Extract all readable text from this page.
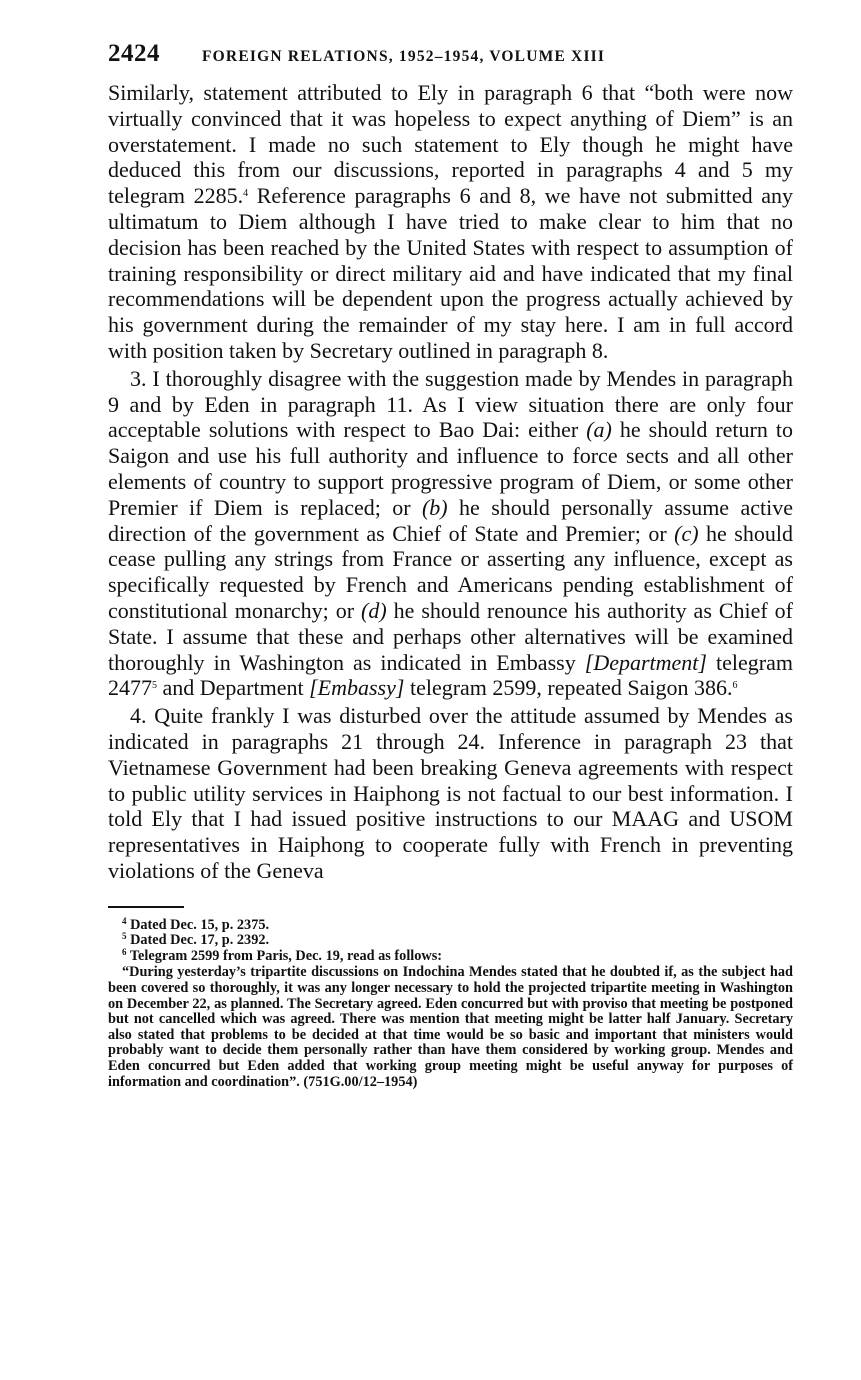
2424	FOREIGN RELATIONS, 1952–1954, VOLUME XIII

Similarly, statement attributed to Ely in paragraph 6 that “both were now virtually convinced that it was hopeless to expect anything of Diem” is an overstatement. I made no such statement to Ely though he might have deduced this from our discussions, reported in paragraphs 4 and 5 my telegram 2285.$^4$ Reference paragraphs 6 and 8, we have not submitted any ultimatum to Diem although I have tried to make clear to him that no decision has been reached by the United States with respect to assumption of training responsibility or direct military aid and have indicated that my final recommendations will be dependent upon the progress actually achieved by his government during the remainder of my stay here. I am in full accord with position taken by Secretary outlined in paragraph 8.

3. I thoroughly disagree with the suggestion made by Mendes in paragraph 9 and by Eden in paragraph 11. As I view situation there are only four acceptable solutions with respect to Bao Dai: either (a) he should return to Saigon and use his full authority and influence to force sects and all other elements of country to support progressive program of Diem, or some other Premier if Diem is replaced; or (b) he should personally assume active direction of the government as Chief of State and Premier; or (c) he should cease pulling any strings from France or asserting any influence, except as specifically requested by French and Americans pending establishment of constitutional monarchy; or (d) he should renounce his authority as Chief of State. I assume that these and perhaps other alternatives will be examined thoroughly in Washington as indicated in Embassy [Department] telegram 2477$^5$ and Department [Embassy] telegram 2599, repeated Saigon 386.$^6$

4. Quite frankly I was disturbed over the attitude assumed by Mendes as indicated in paragraphs 21 through 24. Inference in paragraph 23 that Vietnamese Government had been breaking Geneva agreements with respect to public utility services in Haiphong is not factual to our best information. I told Ely that I had issued positive instructions to our MAAG and USOM representatives in Haiphong to cooperate fully with French in preventing violations of the Geneva

$^4$ Dated Dec. 15, p. 2375.

$^5$ Dated Dec. 17, p. 2392.

$^6$ Telegram 2599 from Paris, Dec. 19, read as follows:

“During yesterday’s tripartite discussions on Indochina Mendes stated that he doubted if, as the subject had been covered so thoroughly, it was any longer necessary to hold the projected tripartite meeting in Washington on December 22, as planned. The Secretary agreed. Eden concurred but with proviso that meeting be postponed but not cancelled which was agreed. There was mention that meeting might be latter half January. Secretary also stated that problems to be decided at that time would be so basic and important that ministers would probably want to decide them personally rather than have them considered by working group. Mendes and Eden concurred but Eden added that working group meeting might be useful anyway for purposes of information and coordination”. (751G.00/12–1954)
